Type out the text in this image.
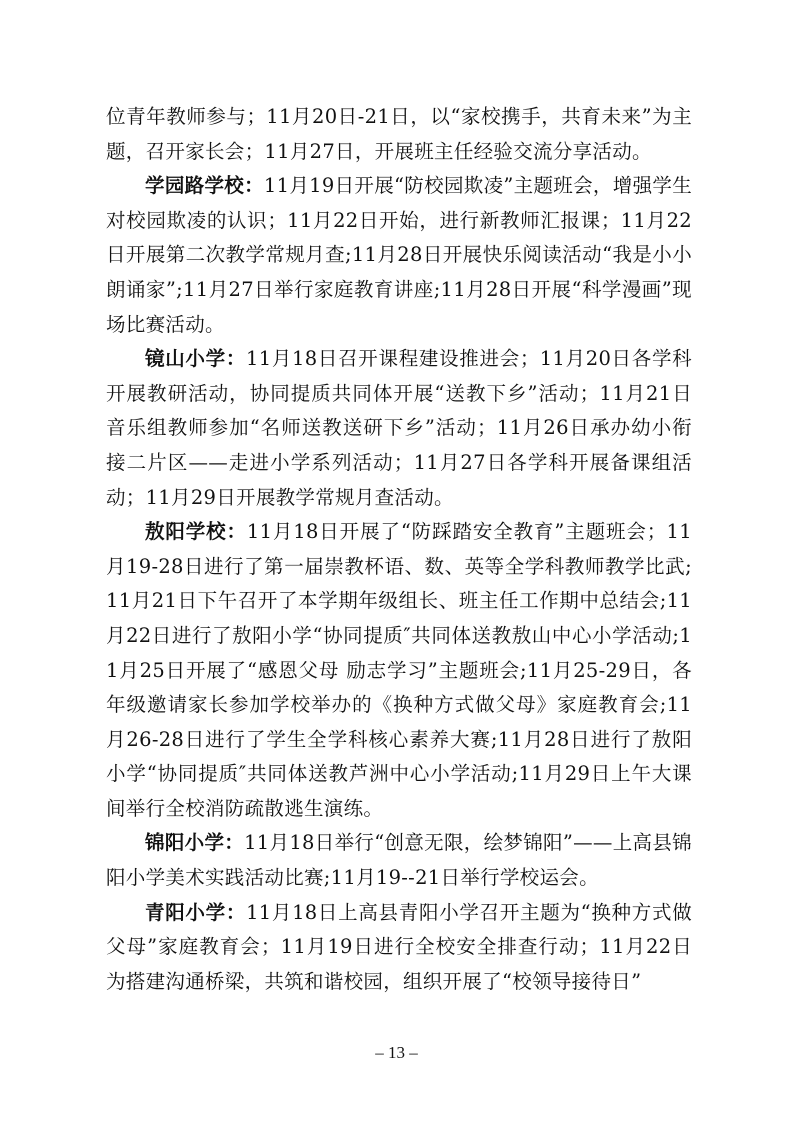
位青年教师参与；11月20日-21日，以“家校携手，共育未来”为主题，召开家长会；11月27日，开展班主任经验交流分享活动。

学园路学校：11月19日开展“防校园欺凌”主题班会，增强学生对校园欺凌的认识；11月22日开始，进行新教师汇报课；11月22日开展第二次教学常规月查;11月28日开展快乐阅读活动“我是小小朗诵家”;11月27日举行家庭教育讲座;11月28日开展“科学漫画”现场比赛活动。

镜山小学：11月18日召开课程建设推进会；11月20日各学科开展教研活动，协同提质共同体开展“送教下乡”活动；11月21日音乐组教师参加“名师送教送研下乡”活动；11月26日承办幼小衔接二片区——走进小学系列活动；11月27日各学科开展备课组活动；11月29日开展教学常规月查活动。

敖阳学校：11月18日开展了“防踩踏安全教育”主题班会；11月19-28日进行了第一届崇教杯语、数、英等全学科教师教学比武;11月21日下午召开了本学期年级组长、班主任工作期中总结会;11月22日进行了敖阳小学“协同提质″共同体送教敖山中心小学活动;11月25日开展了“感恩父母 励志学习”主题班会;11月25-29日，各年级邀请家长参加学校举办的《换种方式做父母》家庭教育会;11月26-28日进行了学生全学科核心素养大赛;11月28日进行了敖阳小学“协同提质″共同体送教芦洲中心小学活动;11月29日上午大课间举行全校消防疏散逃生演练。

锦阳小学：11月18日举行“创意无限，绘梦锦阳”——上高县锦阳小学美术实践活动比赛;11月19--21日举行学校运会。

青阳小学：11月18日上高县青阳小学召开主题为“换种方式做父母”家庭教育会；11月19日进行全校安全排查行动；11月22日为搭建沟通桥梁，共筑和谐校园，组织开展了“校领导接待日”

– 13 –
